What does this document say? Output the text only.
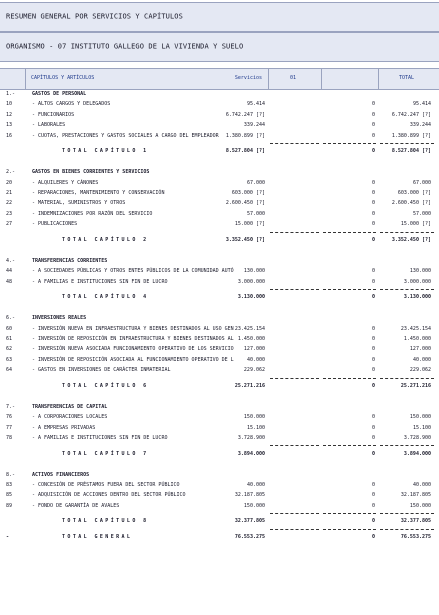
RESUMEN GENERAL POR SERVICIOS Y CAPÍTULOS
ORGANISMO - 07 INSTITUTO GALLEGO DE LA VIVIENDA Y SUELO
CAPÍTULOS Y ARTÍCULOS	Servicios	01	TOTAL
1.-	GASTOS DE PERSONAL
10	- ALTOS CARGOS Y DELEGADOS	95.414	0	95.414
12	- FUNCIONARIOS	6.742.247 [?]	0	6.742.247 [?]
13	- LABORALES	339.244	0	339.244
16	- CUOTAS, PRESTACIONES Y GASTOS SOCIALES A CARGO DEL EMPLEADOR	1.380.899 [?]	0	1.380.899 [?]
TOTAL CAPÍTULO 1	8.527.804 [?]	0	8.527.804 [?]
2.-	GASTOS EN BIENES CORRIENTES Y SERVICIOS
20	- ALQUILERES Y CÁNONES	67.000	0	67.000
21	- REPARACIONES, MANTENIMIENTO Y CONSERVACIÓN	603.000 [?]	0	603.000 [?]
22	- MATERIAL, SUMINISTROS Y OTROS	2.600.450 [?]	0	2.600.450 [?]
23	- INDEMNIZACIONES POR RAZÓN DEL SERVICIO	57.000	0	57.000
27	- PUBLICACIONES	15.000 [?]	0	15.000 [?]
TOTAL CAPÍTULO 2	3.352.450 [?]	0	3.352.450 [?]
4.-	TRANSFERENCIAS CORRIENTES
44	- A SOCIEDADES PÚBLICAS Y OTROS ENTES PÚBLICOS DE LA COMUNIDAD AUTÓ	130.000	0	130.000
48	- A FAMILIAS E INSTITUCIONES SIN FIN DE LUCRO	3.000.000	0	3.000.000
TOTAL CAPÍTULO 4	3.130.000	0	3.130.000
6.-	INVERSIONES REALES
60	- INVERSIÓN NUEVA EN INFRAESTRUCTURA Y BIENES DESTINADOS AL USO GEN 23.425.154	0	23.425.154
61	- INVERSIÓN DE REPOSICIÓN EN INFRAESTRUCTURA Y BIENES DESTINADOS AL 1.450.000	0	1.450.000
62	- INVERSIÓN NUEVA ASOCIADA FUNCIONAMIENTO OPERATIVO DE LOS SERVICIO	127.000	0	127.000
63	- INVERSIÓN DE REPOSICIÓN ASOCIADA AL FUNCIONAMIENTO OPERATIVO DE L	40.000	0	40.000
64	- GASTOS EN INVERSIONES DE CARÁCTER INMATERIAL	229.062	0	229.062
TOTAL CAPÍTULO 6	25.271.216	0	25.271.216
7.-	TRANSFERENCIAS DE CAPITAL
76	- A CORPORACIONES LOCALES	150.000	0	150.000
77	- A EMPRESAS PRIVADAS	15.100	0	15.100
78	- A FAMILIAS E INSTITUCIONES SIN FIN DE LUCRO	3.728.900	0	3.728.900
TOTAL CAPÍTULO 7	3.894.000	0	3.894.000
8.-	ACTIVOS FINANCIEROS
83	- CONCESIÓN DE PRÉSTAMOS FUERA DEL SECTOR PÚBLICO	40.000	0	40.000
85	- ADQUISICIÓN DE ACCIONES DENTRO DEL SECTOR PÚBLICO	32.187.805	0	32.187.805
89	- FONDO DE GARANTÍA DE AVALES	150.000	0	150.000
TOTAL CAPÍTULO 8	32.377.805	0	32.377.805
-	TOTAL GENERAL	76.553.275	0	76.553.275
